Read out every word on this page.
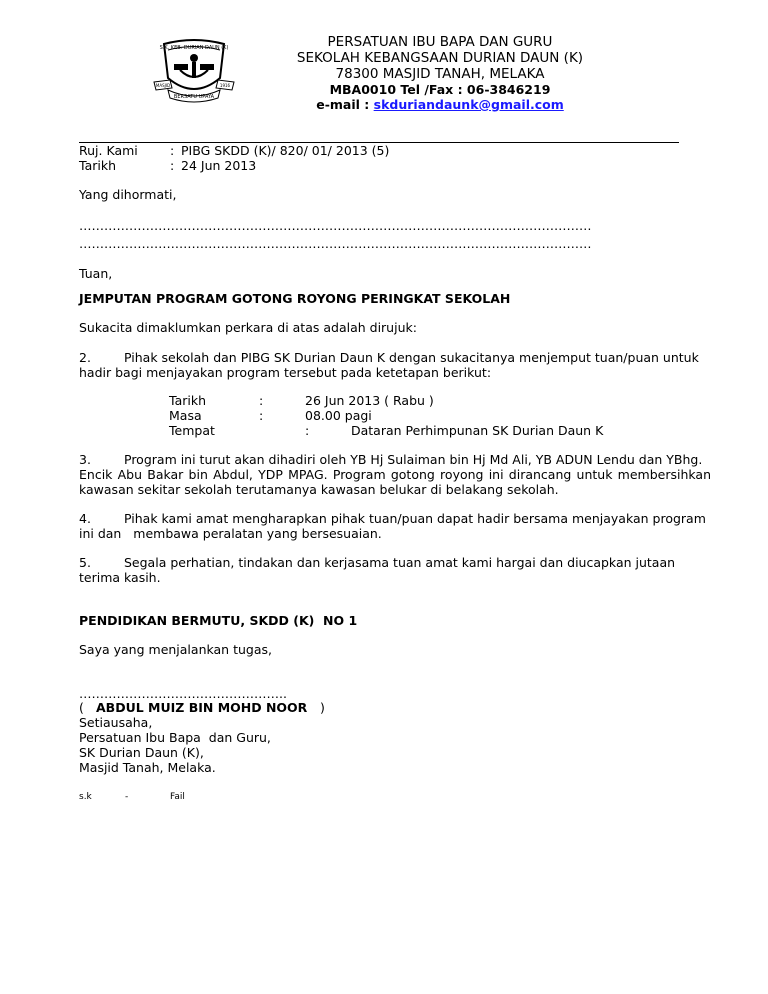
S.K. KEB. DURIAN DAUN (K)
MASJID	1916
BERSATU UPAYA
PERSATUAN IBU BAPA DAN GURU
SEKOLAH KEBANGSAAN DURIAN DAUN (K)
78300 MASJID TANAH, MELAKA
MBA0010 Tel /Fax : 06-3846219
e-mail : skduriandaunk@gmail.com
Ruj. Kami	: PIBG SKDD (K)/ 820/ 01/ 2013 (5)
Tarikh	: 24 Jun 2013
Yang dihormati,
……………………………………………………………………………………………………………
……………………………………………………………………………………………………………
Tuan,
JEMPUTAN PROGRAM GOTONG ROYONG PERINGKAT SEKOLAH
Sukacita dimaklumkan perkara di atas adalah dirujuk:
2.	Pihak sekolah dan PIBG SK Durian Daun K dengan sukacitanya menjemput tuan/puan untuk
hadir bagi menjayakan program tersebut pada ketetapan berikut:
Tarikh	:	26 Jun 2013 ( Rabu )
Masa	:	08.00 pagi
Tempat	:	Dataran Perhimpunan SK Durian Daun K
3.	Program ini turut akan dihadiri oleh YB Hj Sulaiman bin Hj Md Ali, YB ADUN Lendu dan YBhg.
Encik Abu Bakar bin Abdul, YDP MPAG. Program gotong royong ini dirancang untuk membersihkan kawasan sekitar sekolah terutamanya kawasan belukar di belakang sekolah.
4.	Pihak kami amat mengharapkan pihak tuan/puan dapat hadir bersama menjayakan program
ini dan   membawa peralatan yang bersesuaian.
5.	Segala perhatian, tindakan dan kerjasama tuan amat kami hargai dan diucapkan jutaan
terima kasih.
PENDIDIKAN BERMUTU, SKDD (K)  NO 1
Saya yang menjalankan tugas,
…………………………………………..
( ABDUL MUIZ BIN MOHD NOOR )
Setiausaha,
Persatuan Ibu Bapa  dan Guru,
SK Durian Daun (K),
Masjid Tanah, Melaka.
s.k	-	Fail
